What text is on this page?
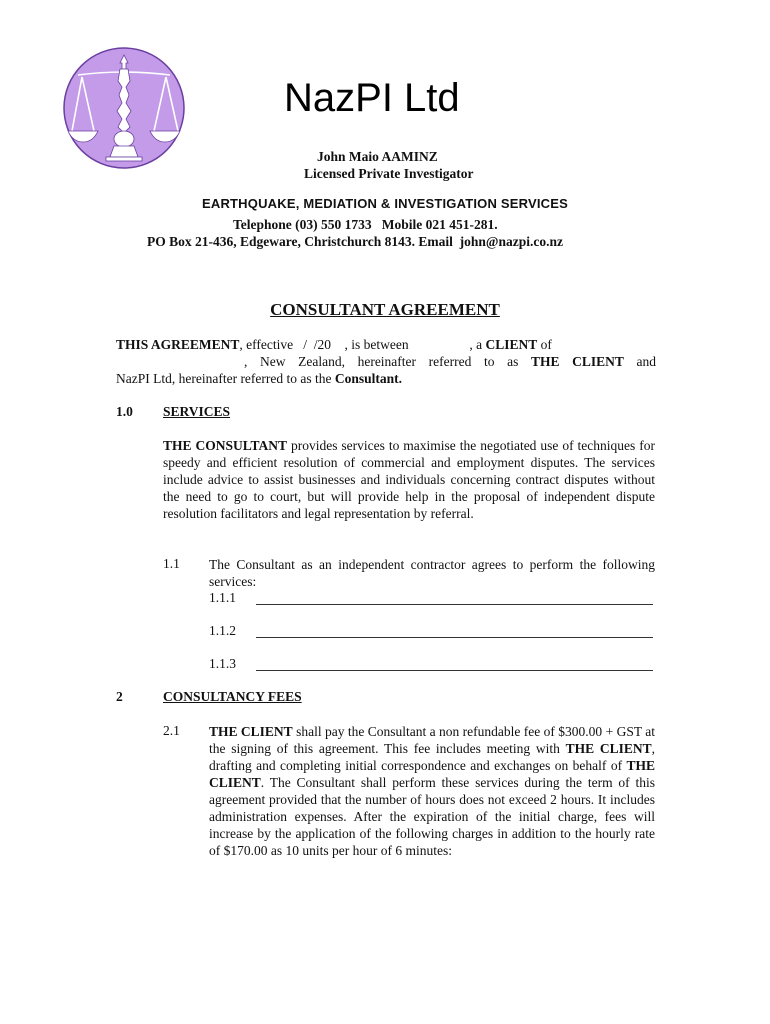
NazPI Ltd
John Maio AAMINZ
Licensed Private Investigator
EARTHQUAKE, MEDIATION & INVESTIGATION SERVICES
Telephone (03) 550 1733   Mobile 021 451-281.
PO Box 21-436, Edgeware, Christchurch 8143. Email  john@nazpi.co.nz
CONSULTANT AGREEMENT
THIS AGREEMENT, effective   /  /20    , is between                  , a CLIENT of
, New Zealand, hereinafter referred to as THE CLIENT and
NazPI Ltd, hereinafter referred to as the Consultant.
1.0 SERVICES
THE CONSULTANT provides services to maximise the negotiated use of techniques for speedy and efficient resolution of commercial and employment disputes. The services include advice to assist businesses and individuals concerning contract disputes without the need to go to court, but will provide help in the proposal of independent dispute resolution facilitators and legal representation by referral.
1.1 The Consultant as an independent contractor agrees to perform the following services:
1.1.1
1.1.2
1.1.3
2	CONSULTANCY FEES
2.1 THE CLIENT shall pay the Consultant a non refundable fee of $300.00 + GST at the signing of this agreement. This fee includes meeting with THE CLIENT, drafting and completing initial correspondence and exchanges on behalf of THE CLIENT. The Consultant shall perform these services during the term of this agreement provided that the number of hours does not exceed 2 hours. It includes administration expenses. After the expiration of the initial charge, fees will increase by the application of the following charges in addition to the hourly rate of $170.00 as 10 units per hour of 6 minutes:
